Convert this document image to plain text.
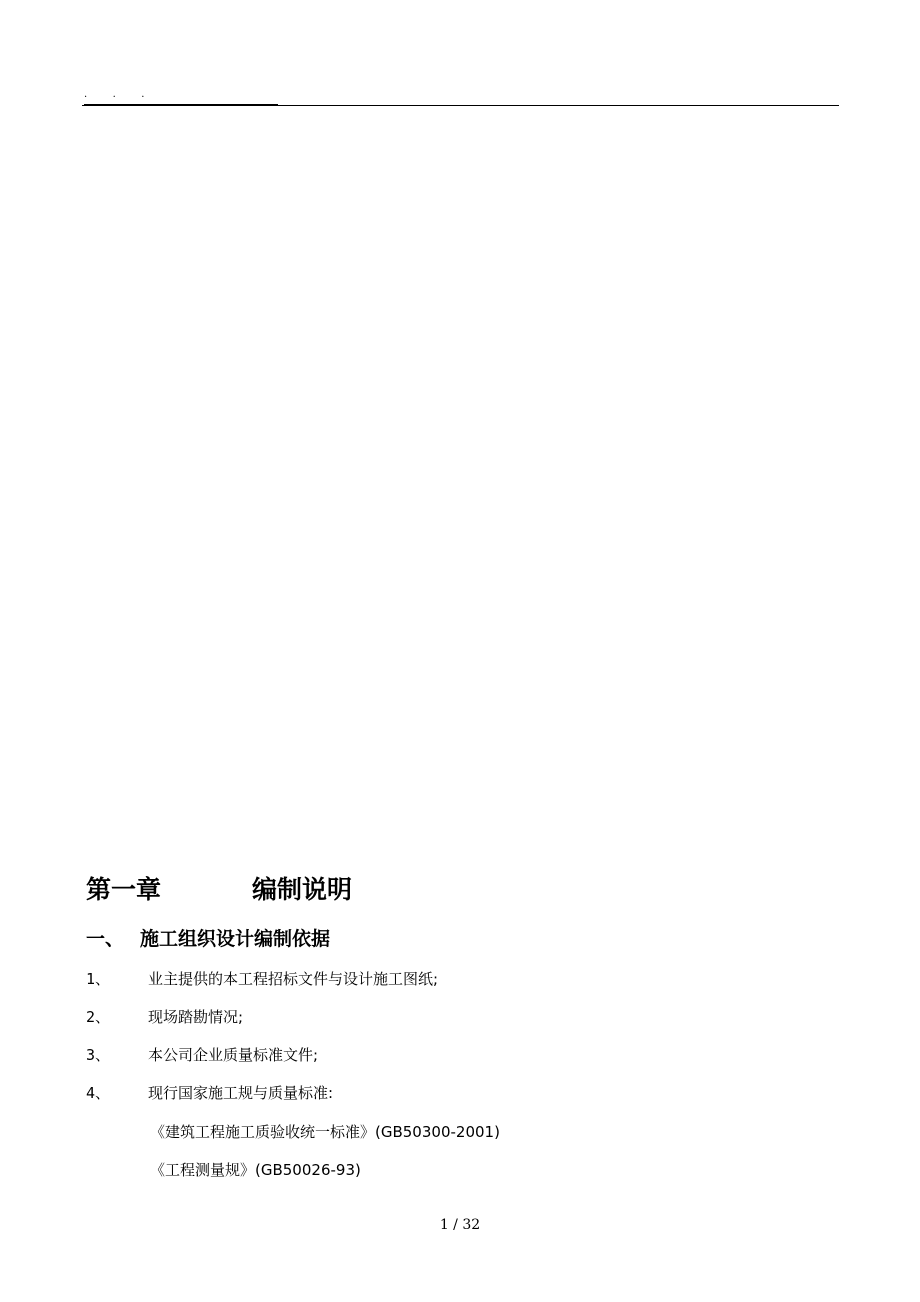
.        .        .
第一章	编制说明
一、 施工组织设计编制依据
1、	业主提供的本工程招标文件与设计施工图纸;
2、	现场踏勘情况;
3、	本公司企业质量标准文件;
4、	现行国家施工规与质量标准:
《建筑工程施工质验收统一标准》(GB50300-2001)
《工程测量规》(GB50026-93)
1 / 32
